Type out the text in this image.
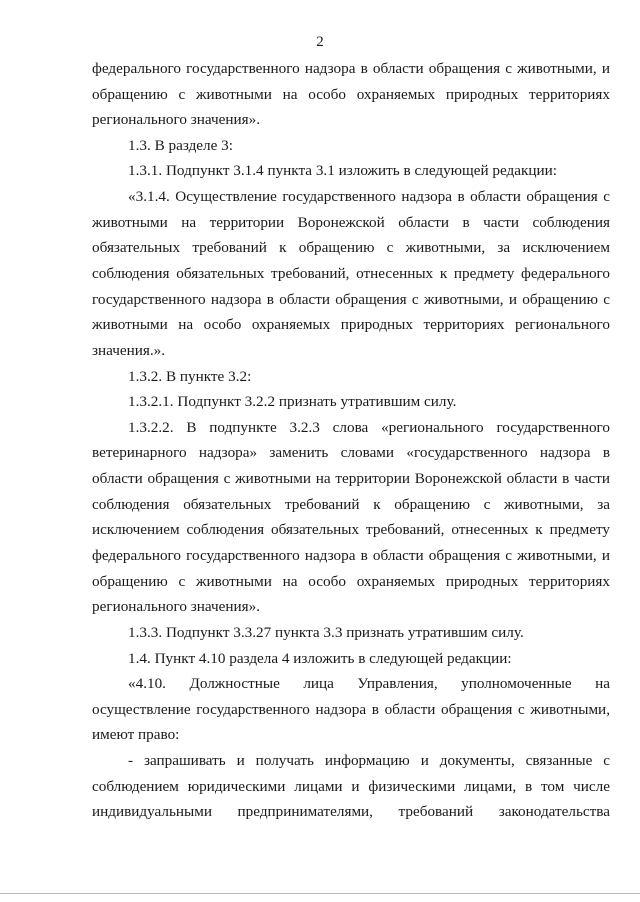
2
федерального государственного надзора в области обращения с животными, и
обращению с животными на особо охраняемых природных территориях
регионального значения».
1.3. В разделе 3:
1.3.1. Подпункт 3.1.4 пункта 3.1 изложить в следующей редакции:
«3.1.4. Осуществление государственного надзора в области обращения с
животными на территории Воронежской области в части соблюдения
обязательных требований к обращению с животными, за исключением
соблюдения обязательных требований, отнесенных к предмету федерального
государственного надзора в области обращения с животными, и обращению с
животными на особо охраняемых природных территориях регионального
значения.».
1.3.2. В пункте 3.2:
1.3.2.1. Подпункт 3.2.2 признать утратившим силу.
1.3.2.2. В подпункте 3.2.3 слова «регионального государственного
ветеринарного надзора» заменить словами «государственного надзора в
области обращения с животными на территории Воронежской области в части
соблюдения обязательных требований к обращению с животными, за
исключением соблюдения обязательных требований, отнесенных к предмету
федерального государственного надзора в области обращения с животными, и
обращению с животными на особо охраняемых природных территориях
регионального значения».
1.3.3. Подпункт 3.3.27 пункта 3.3 признать утратившим силу.
1.4. Пункт 4.10 раздела 4 изложить в следующей редакции:
«4.10. Должностные лица Управления, уполномоченные на
осуществление государственного надзора в области обращения с животными,
имеют право:
- запрашивать и получать информацию и документы, связанные с
соблюдением юридическими лицами и физическими лицами, в том числе
индивидуальными предпринимателями, требований законодательства
